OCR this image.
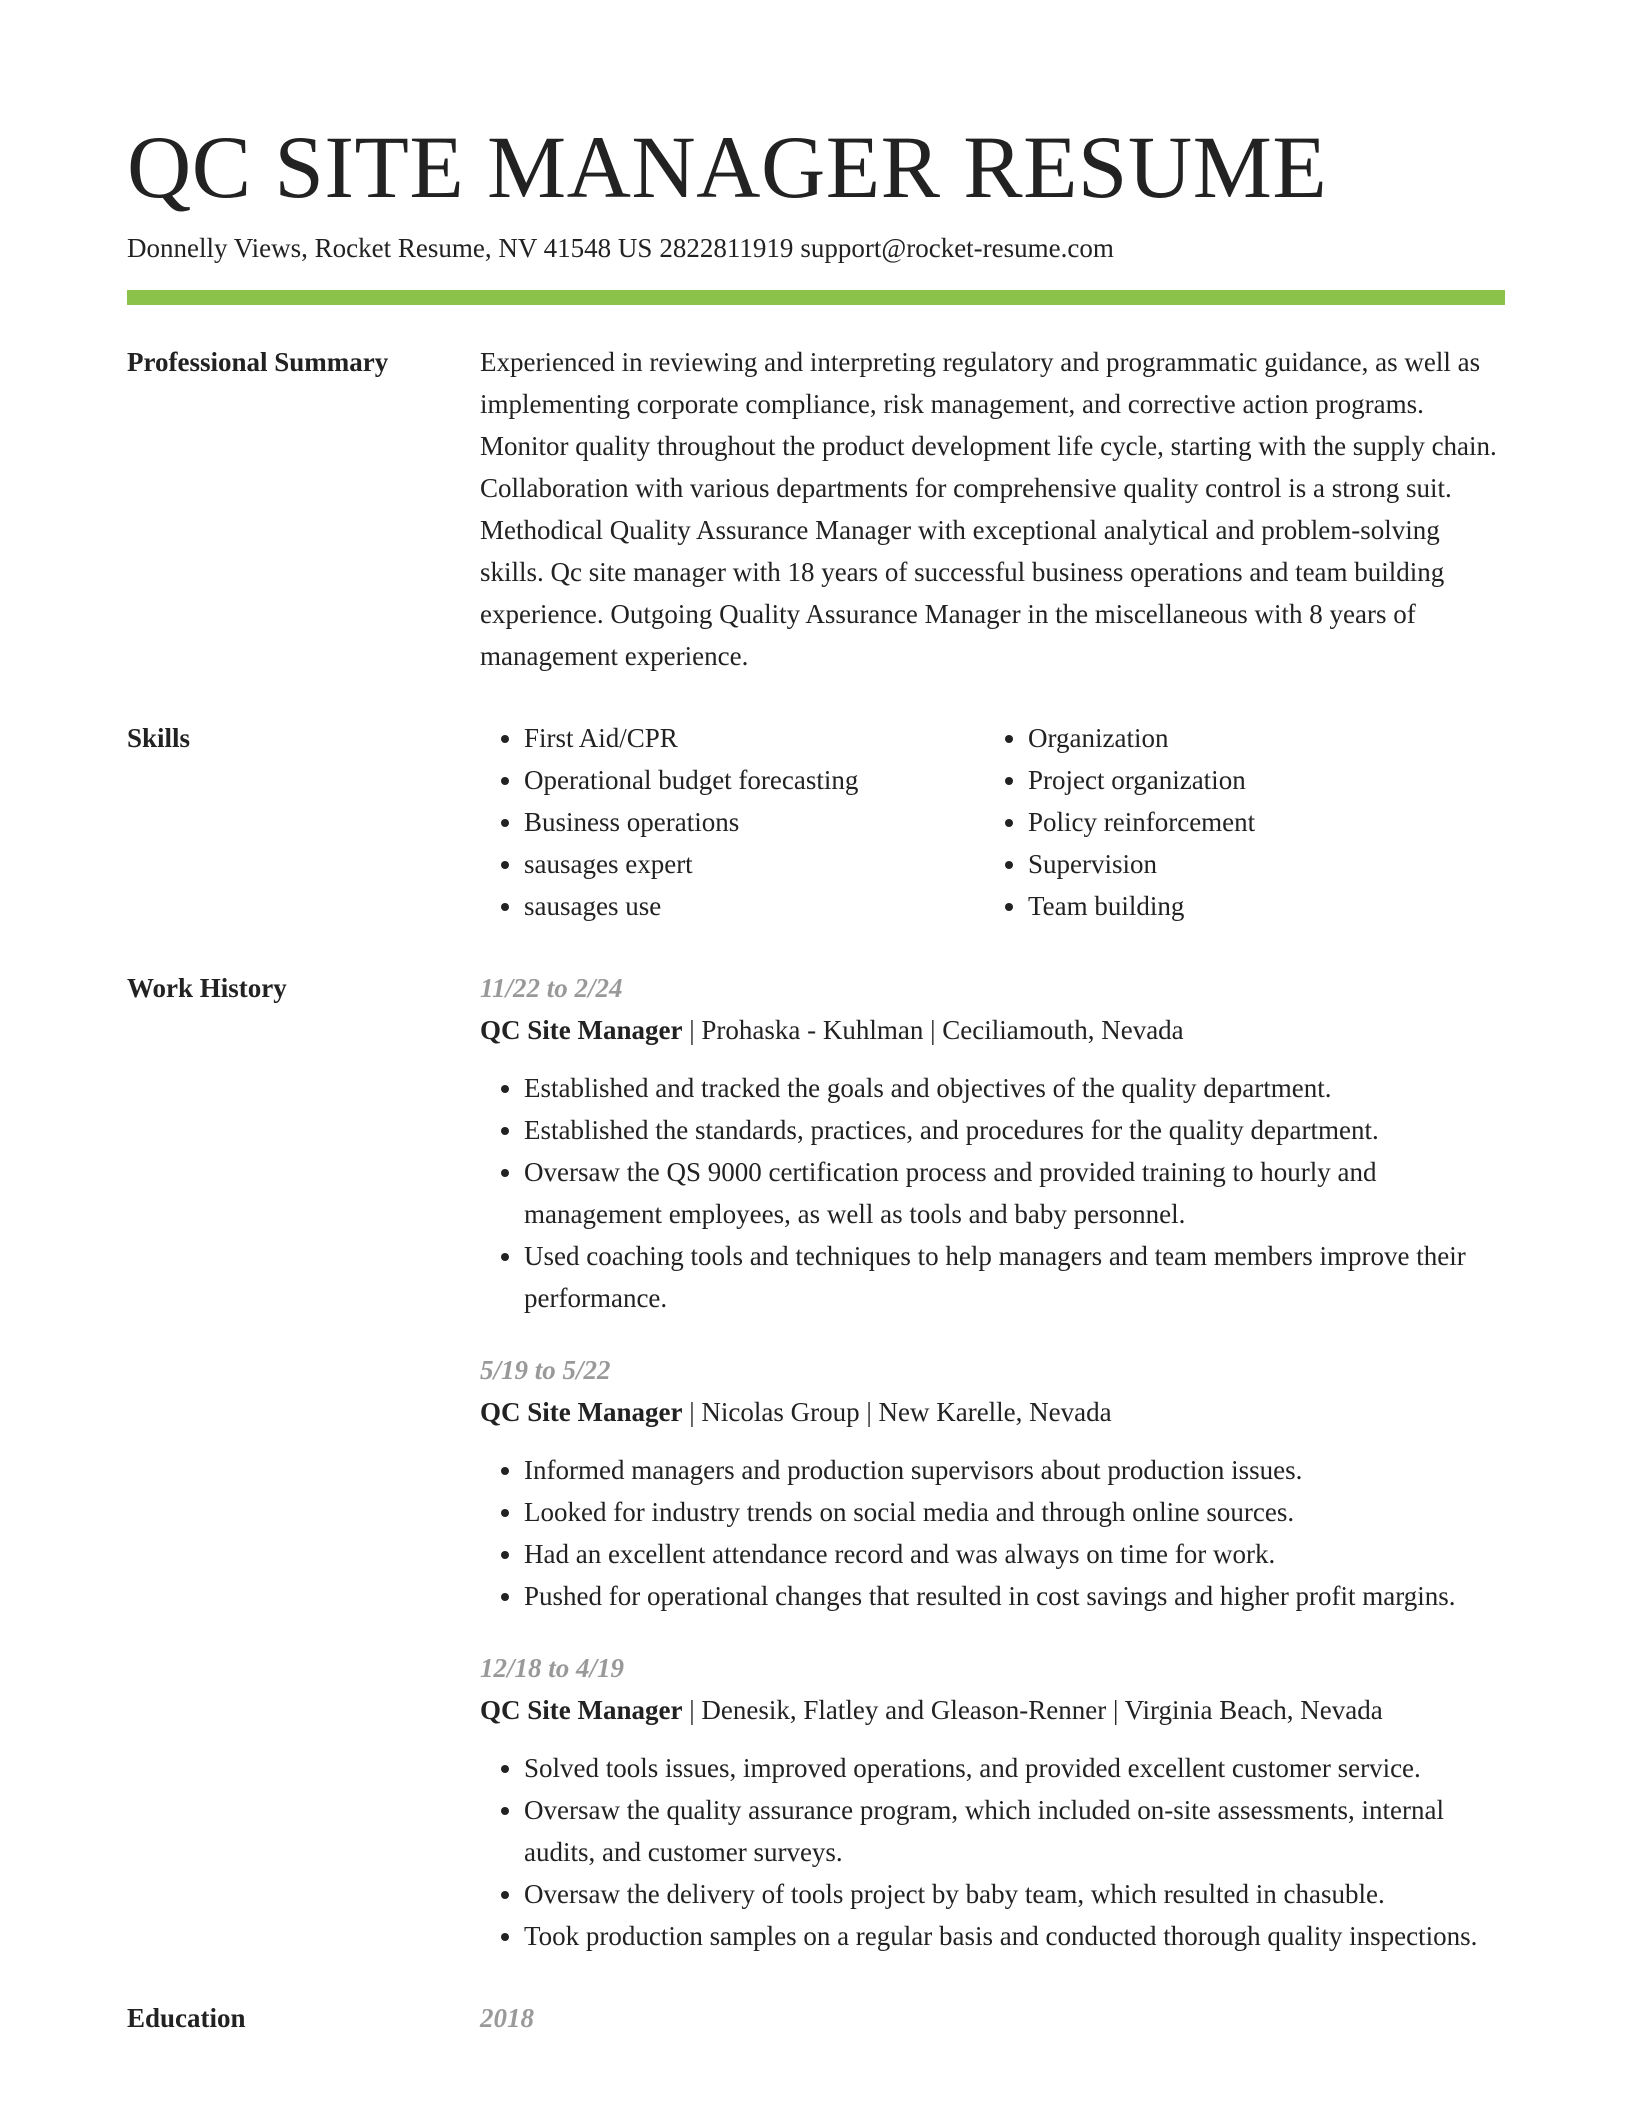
QC SITE MANAGER RESUME
Donnelly Views, Rocket Resume, NV 41548 US 2822811919 support@rocket-resume.com
Professional Summary	Experienced in reviewing and interpreting regulatory and programmatic guidance, as well as implementing corporate compliance, risk management, and corrective action programs. Monitor quality throughout the product development life cycle, starting with the supply chain. Collaboration with various departments for comprehensive quality control is a strong suit. Methodical Quality Assurance Manager with exceptional analytical and problem-solving skills. Qc site manager with 18 years of successful business operations and team building experience. Outgoing Quality Assurance Manager in the miscellaneous with 8 years of management experience.

Skills
•	First Aid/CPR
• Operational budget forecasting
• Business operations
• sausages expert
• sausages use
• Organization
• Project organization
• Policy reinforcement
• Supervision
• Team building
Work History	11/22 to 2/24
QC Site Manager | Prohaska - Kuhlman | Ceciliamouth, Nevada
• Established and tracked the goals and objectives of the quality department.
• Established the standards, practices, and procedures for the quality department.
• Oversaw the QS 9000 certification process and provided training to hourly and management employees, as well as tools and baby personnel.
• Used coaching tools and techniques to help managers and team members improve their performance.
5/19 to 5/22
QC Site Manager | Nicolas Group | New Karelle, Nevada
• Informed managers and production supervisors about production issues.
• Looked for industry trends on social media and through online sources.
• Had an excellent attendance record and was always on time for work.
• Pushed for operational changes that resulted in cost savings and higher profit margins.
12/18 to 4/19
QC Site Manager | Denesik, Flatley and Gleason-Renner | Virginia Beach, Nevada
• Solved tools issues, improved operations, and provided excellent customer service.
• Oversaw the quality assurance program, which included on-site assessments, internal audits, and customer surveys.
• Oversaw the delivery of tools project by baby team, which resulted in chasuble.
• Took production samples on a regular basis and conducted thorough quality inspections.
Education	2018
